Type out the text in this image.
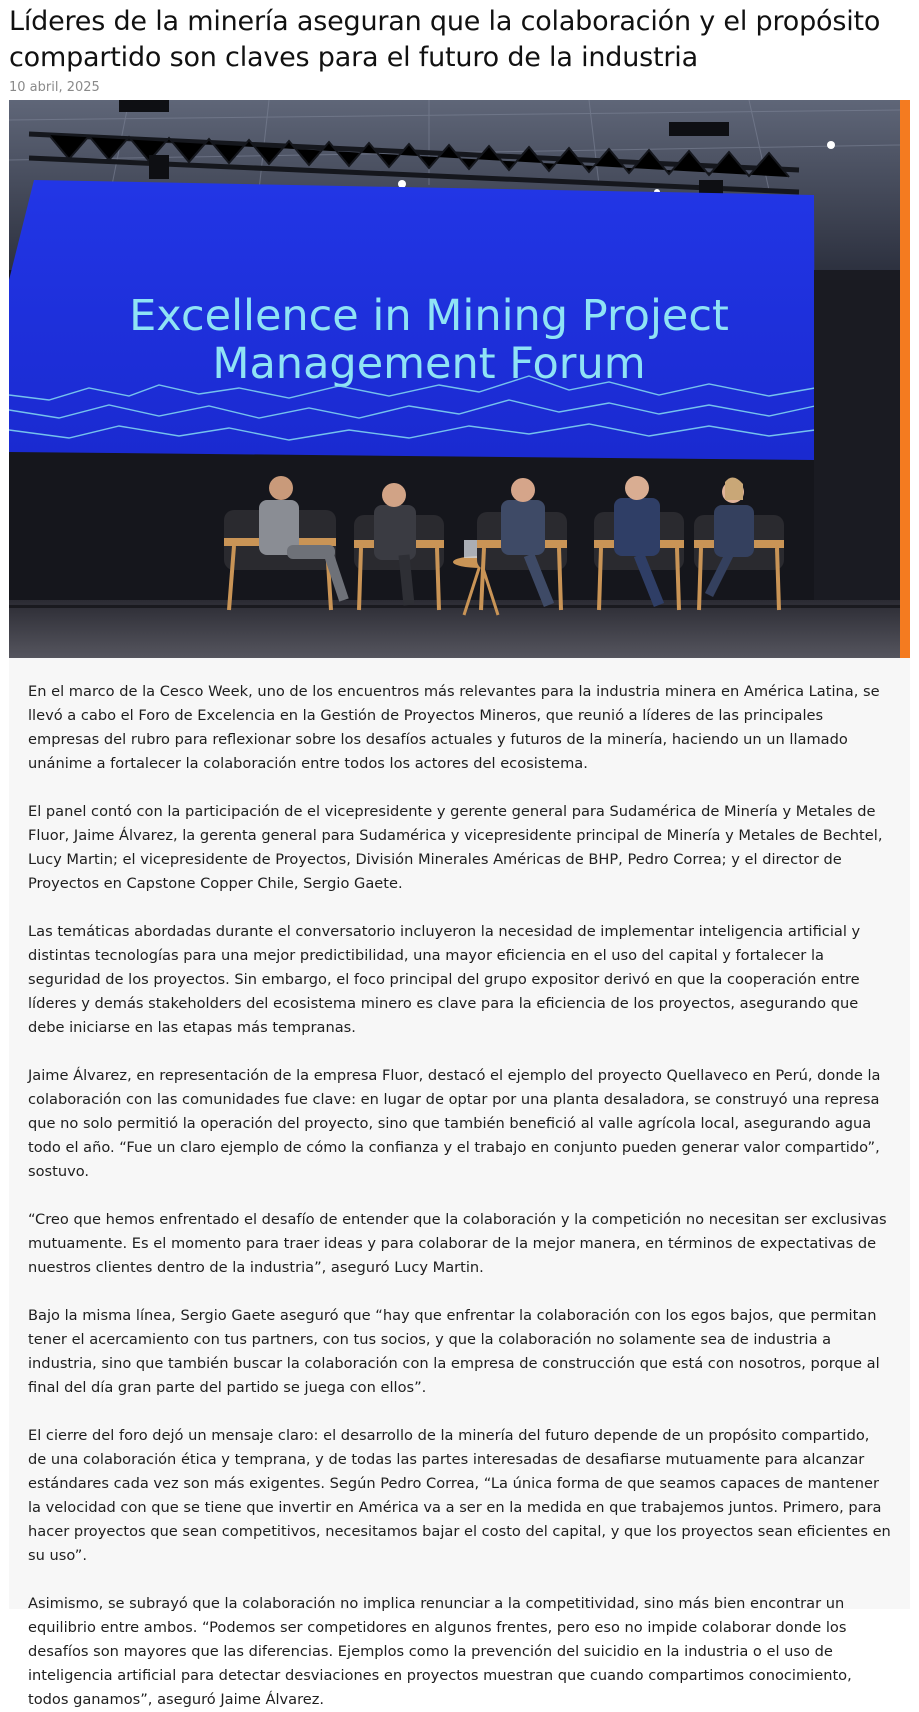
Líderes de la minería aseguran que la colaboración y el propósito compartido son claves para el futuro de la industria

10 abril, 2025

Excellence in Mining Project
Management Forum

En el marco de la Cesco Week, uno de los encuentros más relevantes para la industria minera en América Latina, se llevó a cabo el Foro de Excelencia en la Gestión de Proyectos Mineros, que reunió a líderes de las principales empresas del rubro para reflexionar sobre los desafíos actuales y futuros de la minería, haciendo un un llamado unánime a fortalecer la colaboración entre todos los actores del ecosistema.

El panel contó con la participación de el vicepresidente y gerente general para Sudamérica de Minería y Metales de Fluor, Jaime Álvarez, la gerenta general para Sudamérica y vicepresidente principal de Minería y Metales de Bechtel, Lucy Martin; el vicepresidente de Proyectos, División Minerales Américas de BHP, Pedro Correa; y el director de Proyectos en Capstone Copper Chile, Sergio Gaete.

Las temáticas abordadas durante el conversatorio incluyeron la necesidad de implementar inteligencia artificial y distintas tecnologías para una mejor predictibilidad, una mayor eficiencia en el uso del capital y fortalecer la seguridad de los proyectos. Sin embargo, el foco principal del grupo expositor derivó en que la cooperación entre líderes y demás stakeholders del ecosistema minero es clave para la eficiencia de los proyectos, asegurando que debe iniciarse en las etapas más tempranas.

Jaime Álvarez, en representación de la empresa Fluor, destacó el ejemplo del proyecto Quellaveco en Perú, donde la colaboración con las comunidades fue clave: en lugar de optar por una planta desaladora, se construyó una represa que no solo permitió la operación del proyecto, sino que también benefició al valle agrícola local, asegurando agua todo el año. “Fue un claro ejemplo de cómo la confianza y el trabajo en conjunto pueden generar valor compartido”, sostuvo.

“Creo que hemos enfrentado el desafío de entender que la colaboración y la competición no necesitan ser exclusivas mutuamente. Es el momento para traer ideas y para colaborar de la mejor manera, en términos de expectativas de nuestros clientes dentro de la industria”, aseguró Lucy Martin.

Bajo la misma línea, Sergio Gaete aseguró que “hay que enfrentar la colaboración con los egos bajos, que permitan tener el acercamiento con tus partners, con tus socios, y que la colaboración no solamente sea de industria a industria, sino que también buscar la colaboración con la empresa de construcción que está con nosotros, porque al final del día gran parte del partido se juega con ellos”.

El cierre del foro dejó un mensaje claro: el desarrollo de la minería del futuro depende de un propósito compartido, de una colaboración ética y temprana, y de todas las partes interesadas de desafiarse mutuamente para alcanzar estándares cada vez son más exigentes. Según Pedro Correa, “La única forma de que seamos capaces de mantener la velocidad con que se tiene que invertir en América va a ser en la medida en que trabajemos juntos. Primero, para hacer proyectos que sean competitivos, necesitamos bajar el costo del capital, y que los proyectos sean eficientes en su uso”.

Asimismo, se subrayó que la colaboración no implica renunciar a la competitividad, sino más bien encontrar un equilibrio entre ambos. “Podemos ser competidores en algunos frentes, pero eso no impide colaborar donde los desafíos son mayores que las diferencias. Ejemplos como la prevención del suicidio en la industria o el uso de inteligencia artificial para detectar desviaciones en proyectos muestran que cuando compartimos conocimiento, todos ganamos”, aseguró Jaime Álvarez.
